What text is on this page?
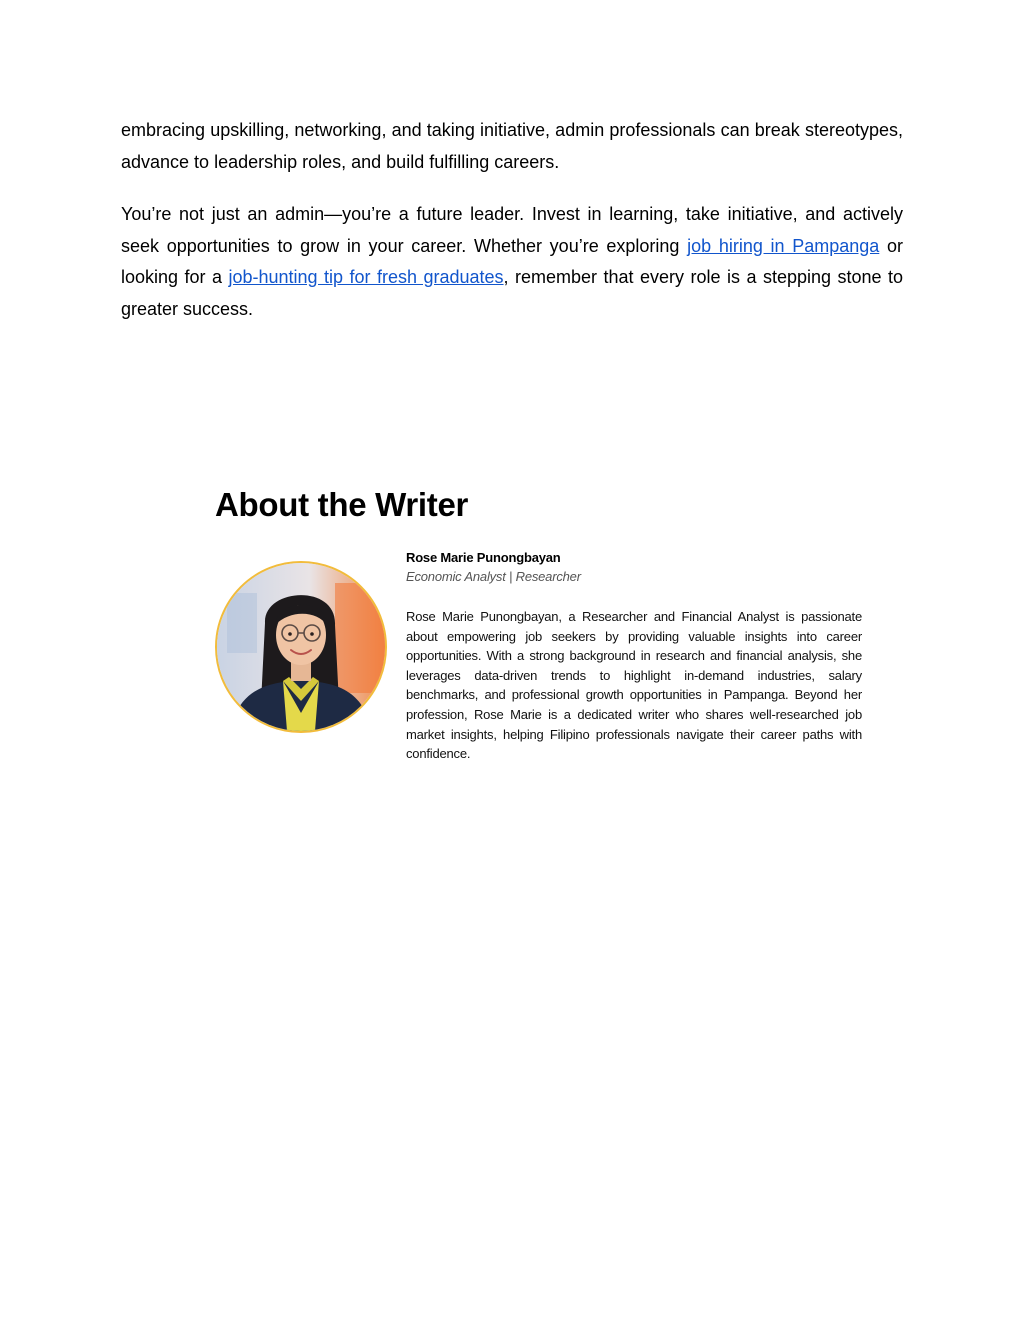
embracing upskilling, networking, and taking initiative, admin professionals can break stereotypes, advance to leadership roles, and build fulfilling careers.

You’re not just an admin—you’re a future leader. Invest in learning, take initiative, and actively seek opportunities to grow in your career. Whether you’re exploring job hiring in Pampanga or looking for a job-hunting tip for fresh graduates, remember that every role is a stepping stone to greater success.

About the Writer

Rose Marie Punongbayan

Economic Analyst | Researcher

Rose Marie Punongbayan, a Researcher and Financial Analyst is passionate about empowering job seekers by providing valuable insights into career opportunities. With a strong background in research and financial analysis, she leverages data-driven trends to highlight in-demand industries, salary benchmarks, and professional growth opportunities in Pampanga. Beyond her profession, Rose Marie is a dedicated writer who shares well-researched job market insights, helping Filipino professionals navigate their career paths with confidence.
